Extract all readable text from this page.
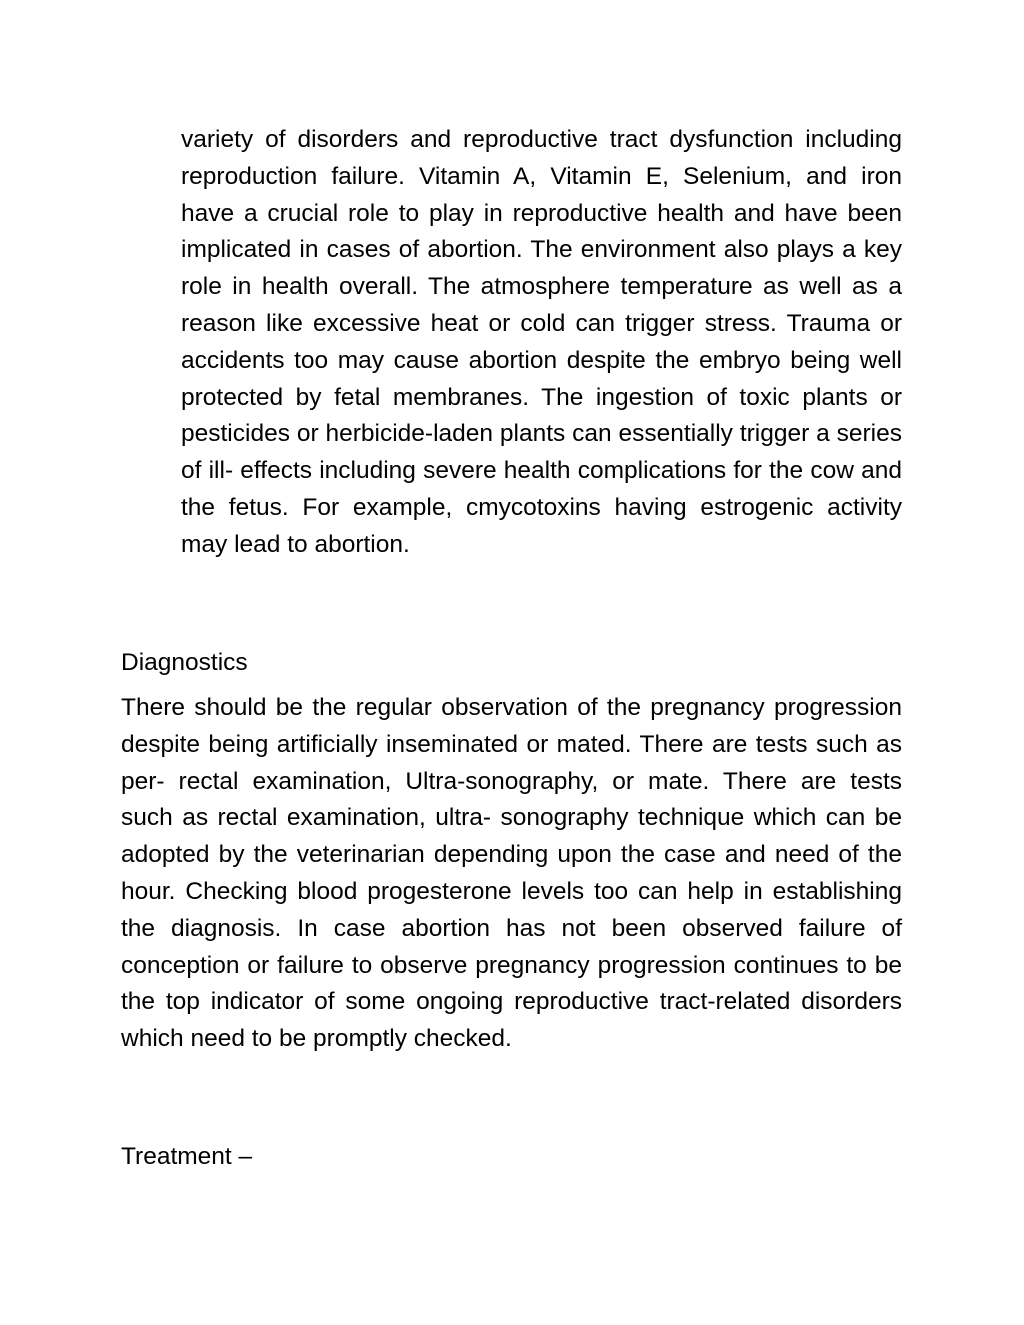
variety of disorders and reproductive tract dysfunction including reproduction failure. Vitamin A, Vitamin E, Selenium, and iron have a crucial role to play in reproductive health and have been implicated in cases of abortion. The environment also plays a key role in health overall. The atmosphere temperature as well as a reason like excessive heat or cold can trigger stress. Trauma or accidents too may cause abortion despite the embryo being well protected by fetal membranes. The ingestion of toxic plants or pesticides or herbicide-laden plants can essentially trigger a series of ill- effects including severe health complications for the cow and the fetus. For example, cmycotoxins having estrogenic activity may lead to abortion.

Diagnostics

There should be the regular observation of the pregnancy progression despite being artificially inseminated or mated. There are tests such as per- rectal examination, Ultra-sonography, or mate. There are tests such as rectal examination, ultra- sonography technique which can be adopted by the veterinarian depending upon the case and need of the hour. Checking blood progesterone levels too can help in establishing the diagnosis. In case abortion has not been observed failure of conception or failure to observe pregnancy progression continues to be the top indicator of some ongoing reproductive tract-related disorders which need to be promptly checked.

Treatment –
